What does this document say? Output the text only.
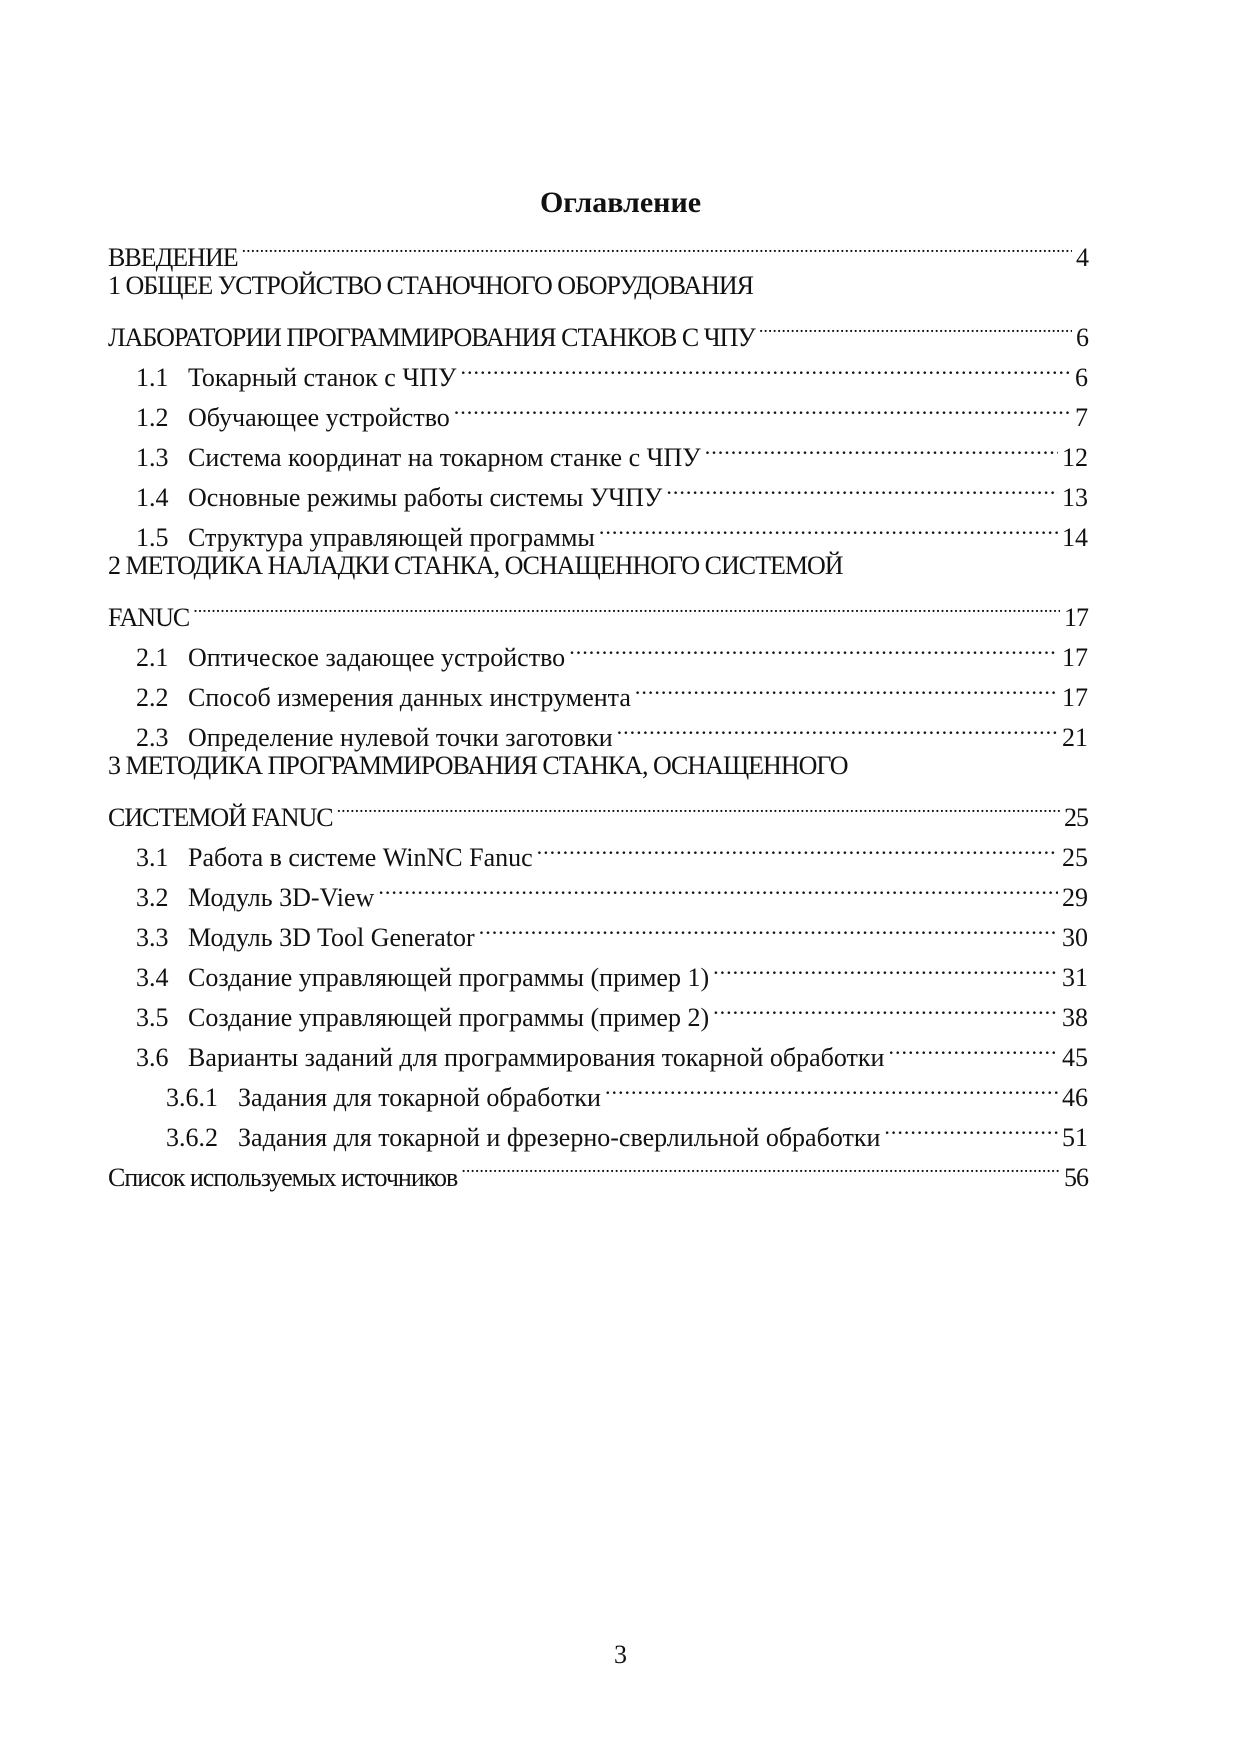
Оглавление
ВВЕДЕНИЕ .....	4
1 ОБЩЕЕ УСТРОЙСТВО СТАНОЧНОГО ОБОРУДОВАНИЯ
ЛАБОРАТОРИИ ПРОГРАММИРОВАНИЯ СТАНКОВ С ЧПУ .....	6
1.1 Токарный станок с ЧПУ .....	6
1.2 Обучающее устройство .....	7
1.3 Система координат на токарном станке с ЧПУ .....	12
1.4 Основные режимы работы системы УЧПУ .....	13
1.5 Структура управляющей программы .....	14
2 МЕТОДИКА НАЛАДКИ СТАНКА, ОСНАЩЕННОГО СИСТЕМОЙ
FANUC .....	17
2.1 Оптическое задающее устройство .....	17
2.2 Способ измерения данных инструмента .....	17
2.3 Определение нулевой точки заготовки .....	21
3 МЕТОДИКА ПРОГРАММИРОВАНИЯ СТАНКА, ОСНАЩЕННОГО
СИСТЕМОЙ FANUC .....	25
3.1 Работа в системе WinNC Fanuc .....	25
3.2 Модуль 3D-View .....	29
3.3 Модуль 3D Tool Generator .....	30
3.4 Создание управляющей программы (пример 1) .....	31
3.5 Создание управляющей программы (пример 2) .....	38
3.6 Варианты заданий для программирования токарной обработки .....	45
3.6.1 Задания для токарной обработки .....	46
3.6.2 Задания для токарной и фрезерно-сверлильной обработки .....	51
Список используемых источников .....	56
3
